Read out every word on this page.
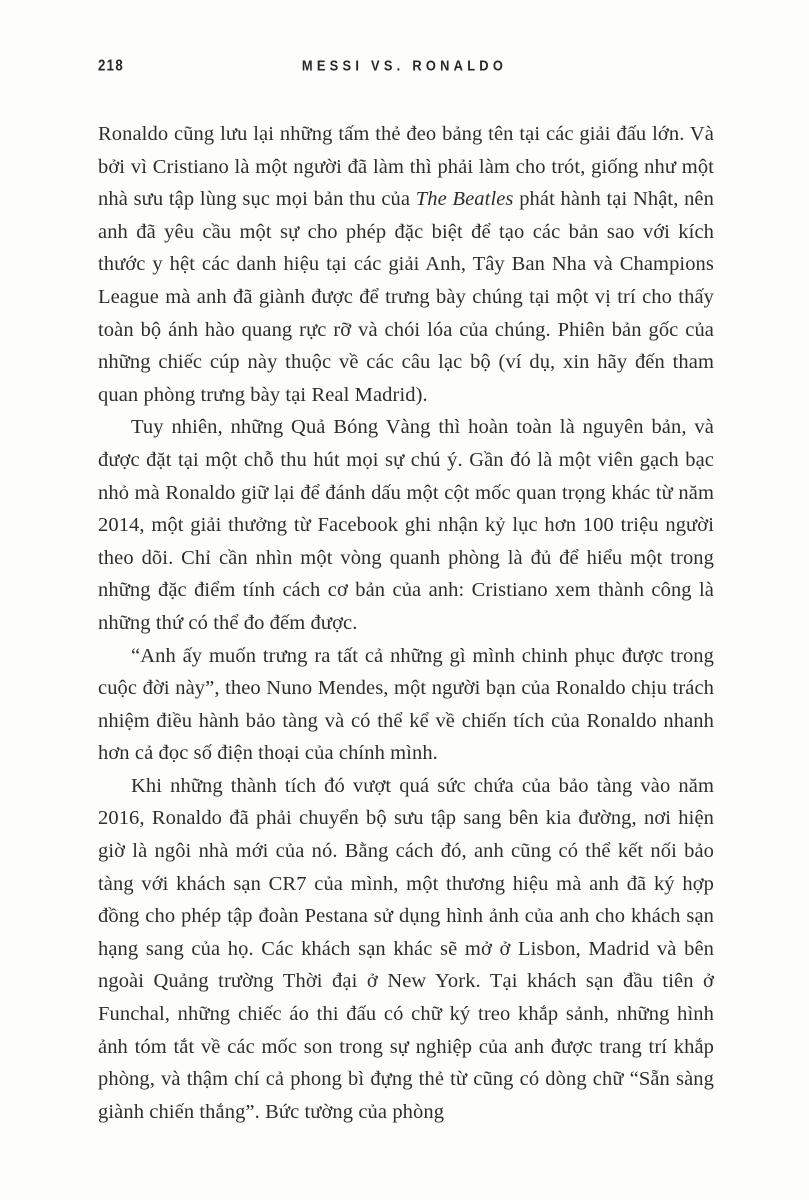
218	MESSI VS. RONALDO

Ronaldo cũng lưu lại những tấm thẻ đeo bảng tên tại các giải đấu lớn. Và bởi vì Cristiano là một người đã làm thì phải làm cho trót, giống như một nhà sưu tập lùng sục mọi bản thu của The Beatles phát hành tại Nhật, nên anh đã yêu cầu một sự cho phép đặc biệt để tạo các bản sao với kích thước y hệt các danh hiệu tại các giải Anh, Tây Ban Nha và Champions League mà anh đã giành được để trưng bày chúng tại một vị trí cho thấy toàn bộ ánh hào quang rực rỡ và chói lóa của chúng. Phiên bản gốc của những chiếc cúp này thuộc về các câu lạc bộ (ví dụ, xin hãy đến tham quan phòng trưng bày tại Real Madrid).

Tuy nhiên, những Quả Bóng Vàng thì hoàn toàn là nguyên bản, và được đặt tại một chỗ thu hút mọi sự chú ý. Gần đó là một viên gạch bạc nhỏ mà Ronaldo giữ lại để đánh dấu một cột mốc quan trọng khác từ năm 2014, một giải thưởng từ Facebook ghi nhận kỷ lục hơn 100 triệu người theo dõi. Chỉ cần nhìn một vòng quanh phòng là đủ để hiểu một trong những đặc điểm tính cách cơ bản của anh: Cristiano xem thành công là những thứ có thể đo đếm được.

“Anh ấy muốn trưng ra tất cả những gì mình chinh phục được trong cuộc đời này”, theo Nuno Mendes, một người bạn của Ronaldo chịu trách nhiệm điều hành bảo tàng và có thể kể về chiến tích của Ronaldo nhanh hơn cả đọc số điện thoại của chính mình.

Khi những thành tích đó vượt quá sức chứa của bảo tàng vào năm 2016, Ronaldo đã phải chuyển bộ sưu tập sang bên kia đường, nơi hiện giờ là ngôi nhà mới của nó. Bằng cách đó, anh cũng có thể kết nối bảo tàng với khách sạn CR7 của mình, một thương hiệu mà anh đã ký hợp đồng cho phép tập đoàn Pestana sử dụng hình ảnh của anh cho khách sạn hạng sang của họ. Các khách sạn khác sẽ mở ở Lisbon, Madrid và bên ngoài Quảng trường Thời đại ở New York. Tại khách sạn đầu tiên ở Funchal, những chiếc áo thi đấu có chữ ký treo khắp sảnh, những hình ảnh tóm tắt về các mốc son trong sự nghiệp của anh được trang trí khắp phòng, và thậm chí cả phong bì đựng thẻ từ cũng có dòng chữ “Sẵn sàng giành chiến thắng”. Bức tường của phòng
